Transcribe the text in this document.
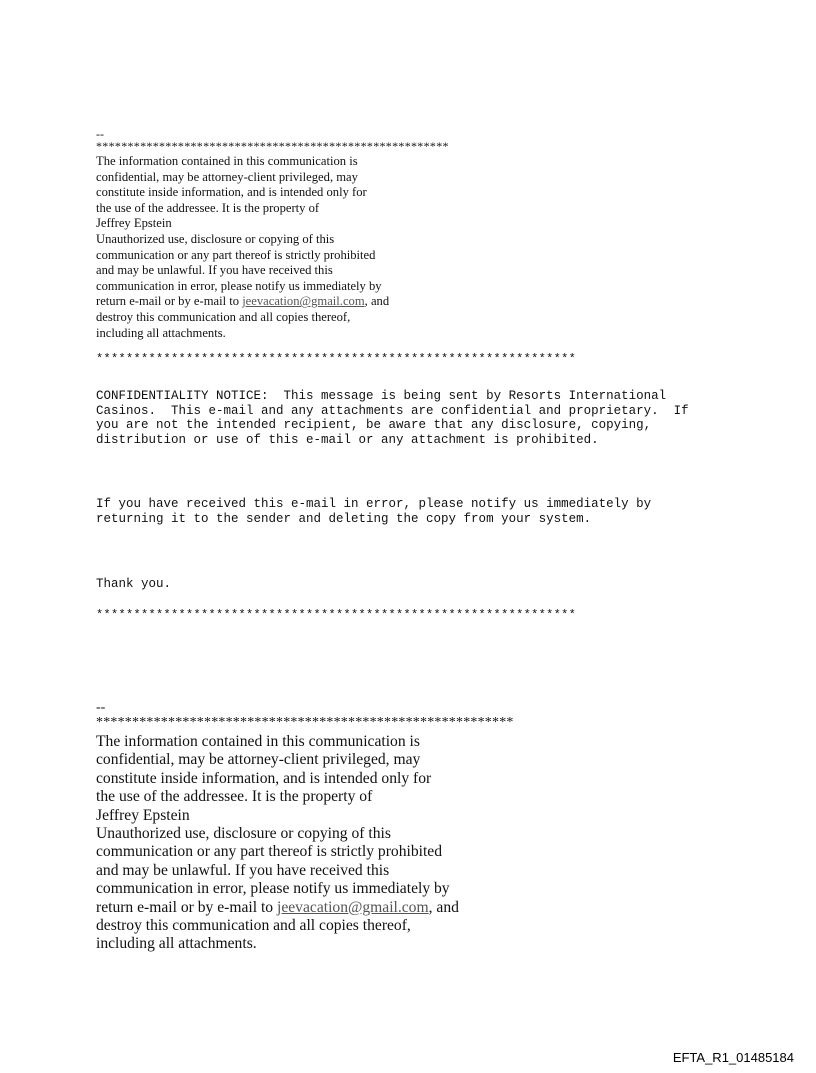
--
********************************************************
The information contained in this communication is
confidential, may be attorney-client privileged, may
constitute inside information, and is intended only for
the use of the addressee. It is the property of
Jeffrey Epstein
Unauthorized use, disclosure or copying of this
communication or any part thereof is strictly prohibited
and may be unlawful. If you have received this
communication in error, please notify us immediately by
return e-mail or by e-mail to jeevacation@gmail.com, and
destroy this communication and all copies thereof,
including all attachments.
****************************************************************
CONFIDENTIALITY NOTICE:  This message is being sent by Resorts International
Casinos.  This e-mail and any attachments are confidential and proprietary.  If
you are not the intended recipient, be aware that any disclosure, copying,
distribution or use of this e-mail or any attachment is prohibited.
If you have received this e-mail in error, please notify us immediately by
returning it to the sender and deleting the copy from your system.
Thank you.
****************************************************************
--
**********************************************************
The information contained in this communication is
confidential, may be attorney-client privileged, may
constitute inside information, and is intended only for
the use of the addressee. It is the property of
Jeffrey Epstein
Unauthorized use, disclosure or copying of this
communication or any part thereof is strictly prohibited
and may be unlawful. If you have received this
communication in error, please notify us immediately by
return e-mail or by e-mail to jeevacation@gmail.com, and
destroy this communication and all copies thereof,
including all attachments.
EFTA_R1_01485184
